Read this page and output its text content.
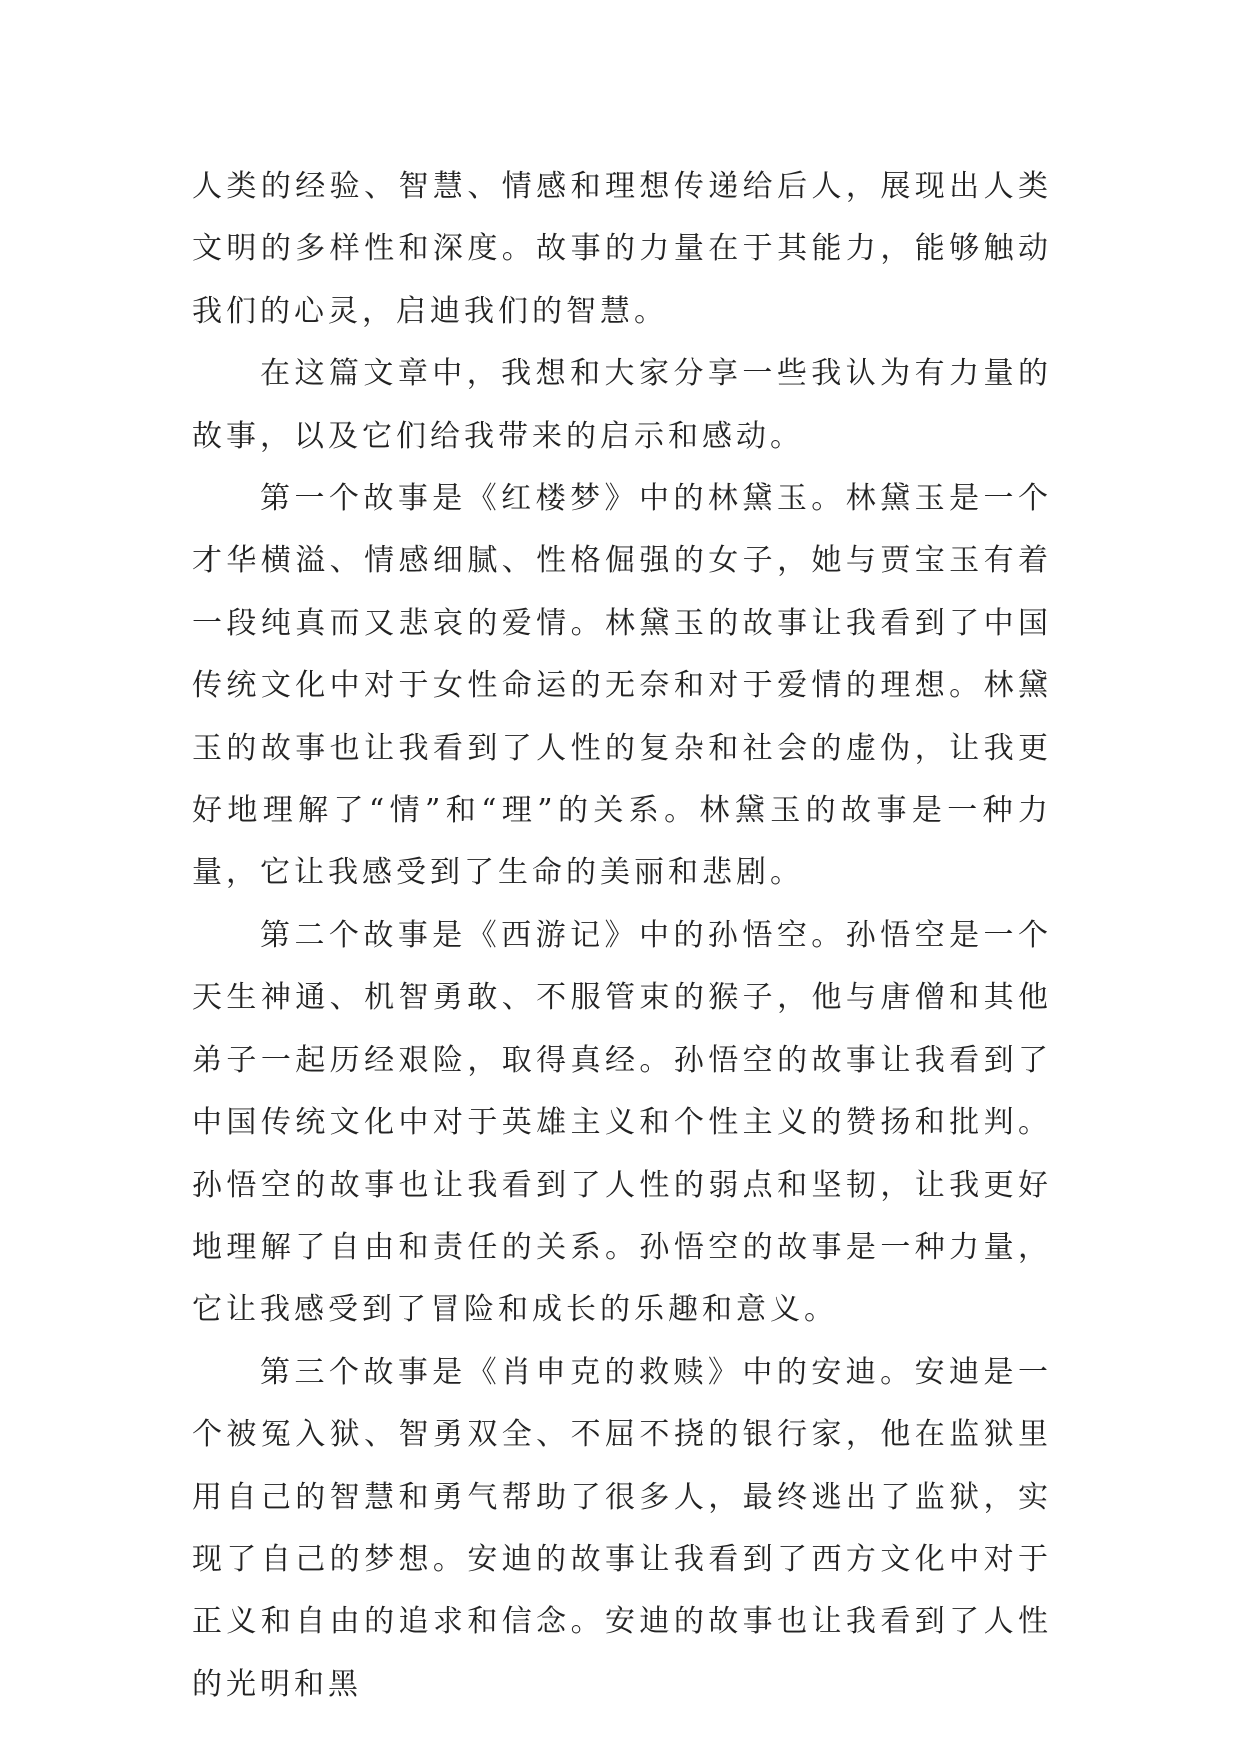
人类的经验、智慧、情感和理想传递给后人，展现出人类文明的多样性和深度。故事的力量在于其能力，能够触动我们的心灵，启迪我们的智慧。

在这篇文章中，我想和大家分享一些我认为有力量的故事，以及它们给我带来的启示和感动。

第一个故事是《红楼梦》中的林黛玉。林黛玉是一个才华横溢、情感细腻、性格倔强的女子，她与贾宝玉有着一段纯真而又悲哀的爱情。林黛玉的故事让我看到了中国传统文化中对于女性命运的无奈和对于爱情的理想。林黛玉的故事也让我看到了人性的复杂和社会的虚伪，让我更好地理解了“情”和“理”的关系。林黛玉的故事是一种力量，它让我感受到了生命的美丽和悲剧。

第二个故事是《西游记》中的孙悟空。孙悟空是一个天生神通、机智勇敢、不服管束的猴子，他与唐僧和其他弟子一起历经艰险，取得真经。孙悟空的故事让我看到了中国传统文化中对于英雄主义和个性主义的赞扬和批判。孙悟空的故事也让我看到了人性的弱点和坚韧，让我更好地理解了自由和责任的关系。孙悟空的故事是一种力量，它让我感受到了冒险和成长的乐趣和意义。

第三个故事是《肖申克的救赎》中的安迪。安迪是一个被冤入狱、智勇双全、不屈不挠的银行家，他在监狱里用自己的智慧和勇气帮助了很多人，最终逃出了监狱，实现了自己的梦想。安迪的故事让我看到了西方文化中对于正义和自由的追求和信念。安迪的故事也让我看到了人性的光明和黑
